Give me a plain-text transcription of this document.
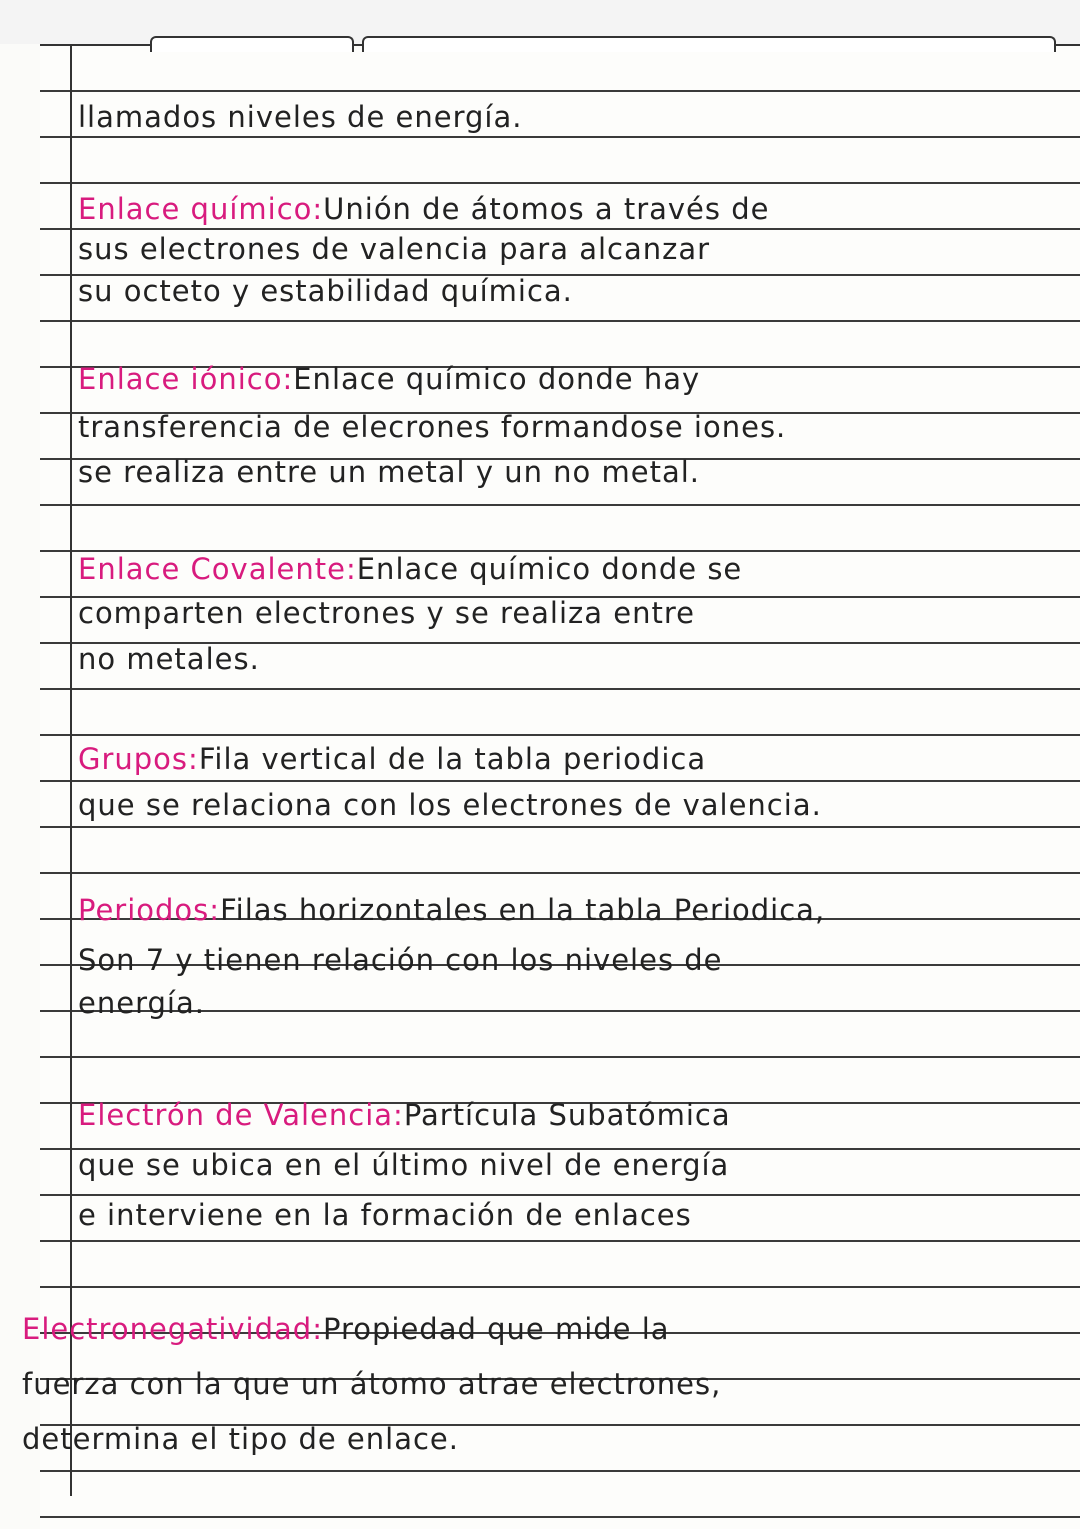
llamados niveles de energía.
Enlace químico:Unión de átomos a través de
sus electrones de valencia para alcanzar
su octeto y estabilidad química.
Enlace iónico:Enlace químico donde hay
transferencia de elecrones formandose iones.
se realiza entre un metal y un no metal.
Enlace Covalente:Enlace químico donde se
comparten electrones y se realiza entre
no metales.
Grupos:Fila vertical de la tabla periodica
que se relaciona con los electrones de valencia.
Periodos:Filas horizontales en la tabla Periodica,
Son 7 y tienen relación con los niveles de
energía.
Electrón de Valencia:Partícula Subatómica
que se ubica en el último nivel de energía
e interviene en la formación de enlaces
Electronegatividad:Propiedad que mide la
fuerza con la que un átomo atrae electrones,
determina el tipo de enlace.
